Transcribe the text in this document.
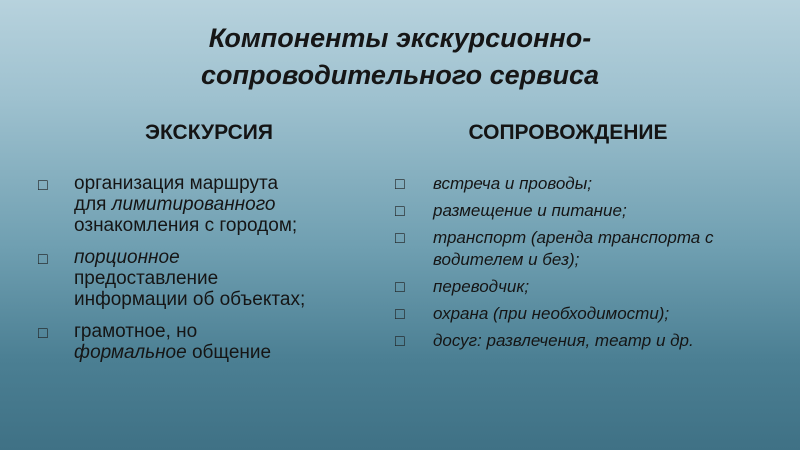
Компоненты экскурсионно-
сопроводительного сервиса
ЭКСКУРСИЯ	СОПРОВОЖДЕНИЕ
□ организация маршрута
для лимитированного
ознакомления с городом;
□ порционное
предоставление
информации об объектах;
□ грамотное, но
формальное общение
□ встреча и проводы;
□ размещение и питание;
□ транспорт (аренда транспорта с водителем и без);
□ переводчик;
□ охрана (при необходимости);
□ досуг: развлечения, театр и др.
